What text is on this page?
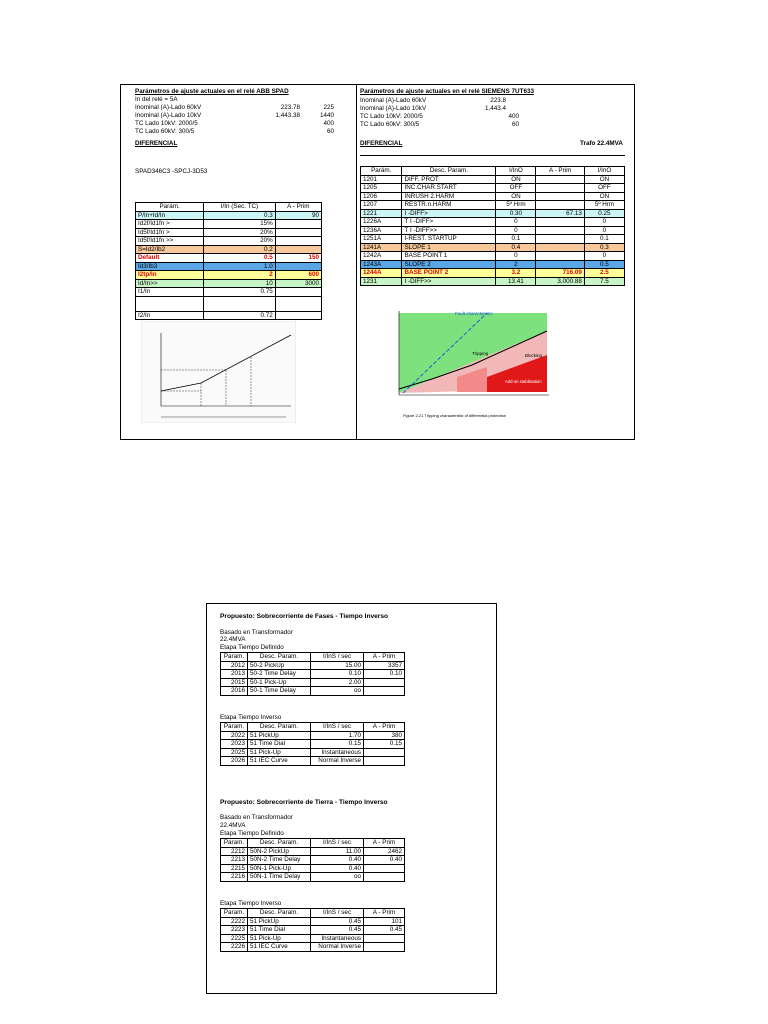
Parámetros de ajuste actuales en el relé ABB SPAD
In del relé = 5A
Inominal (A)-Lado 60kV	223.78	225
Inominal (A)-Lado 10kV	1,443.38	1440
TC Lado 10kV: 2000/5	400
TC Lado 60kV: 300/5	60
DIFERENCIAL
SPAD346C3 -SPCJ-3D53
Parám.	I/In (Sec. TC)	A - Prim
P/In+Id/In	0.3	90
Id2f/Id1fn >	15%	
Id5f/Id1fn >	20%	
Id5f/Id1fn >>	20%	
S=Id2/Ib2	0.2	
Default	0.5	150
Id3/Ib3	1.0	
I2tp/In	2	600
Id/In>>	10	3000
I1/In	0.75	

I2/In	0.72	
Parámetros de ajuste actuales en el relé SIEMENS 7UT633
Inominal (A)-Lado 60kV	223.8
Inominal (A)-Lado 10kV	1,443.4
TC Lado 10kV: 2000/5	400
TC Lado 60kV: 300/5	60
DIFERENCIAL	Trafo 22.4MVA
Parám.	Desc. Param.	I/InO	A - Prim	I/InO
1201	DIFF. PROT	ON		ON
1205	INC.CHAR.START	OFF		OFF
1206	INRUSH 2.HARM	ON		ON
1207	RESTR.n.HARM	5º Hrm		5º Hrm
1221	I -DIFF>	0.30	67.13	0.25
1226A	T I -DIFF>	0		0
1236A	T I -DIFF>>	0		0
1251A	I-REST. STARTUP	0.1		0.1
1241A	SLOPE 1	0.4		0.3
1242A	BASE POINT 1	0		0
1243A	SLOPE 2	2		0.5
1244A	BASE POINT 2	3.2	716.09	2.5
1231	I -DIFF>>	13.41	3,000.88	7.5
Fault characteristic
Tripping	Blocking
Add-on stabilisation
Figure 2-21 Tripping characteristic of differential protection
Propuesto: Sobrecorriente de Fases - Tiempo Inverso
Basado en Transformador
22.4MVA
Etapa Tiempo Definido
Param.	Desc. Param.	I/InS / sec	A - Prim
2012	50-2 PickUp	15.00	3357
2013	50-2 Time Delay	0.10	0.10
2015	50-1 Pick-Up	2.00	
2016	50-1 Time Delay	oo	
Etapa Tiempo Inverso
Param.	Desc. Param.	I/InS / sec	A - Prim
2022	51 PickUp	1.70	380
2023	51 Time Dial	0.15	0.15
2025	51 Pick-Up	Instantaneous	
2026	51 IEC Curve	Normal Inverse	
Propuesto: Sobrecorriente de Tierra - Tiempo Inverso
Basado en Transformador
22.4MVA
Etapa Tiempo Definido
Param.	Desc. Param.	I/InS / sec	A - Prim
2212	50N-2 PickUp	11.00	2462
2213	50N-2 Time Delay	0.40	0.40
2215	50N-1 Pick-Up	0.40	
2216	50N-1 Time Delay	oo	
Etapa Tiempo Inverso
Param.	Desc. Param.	I/InS / sec	A - Prim
2222	51 PickUp	0.45	101
2223	51 Time Dial	0.45	0.45
2225	51 Pick-Up	Instantaneous	
2226	51 IEC Curve	Normal Inverse	
